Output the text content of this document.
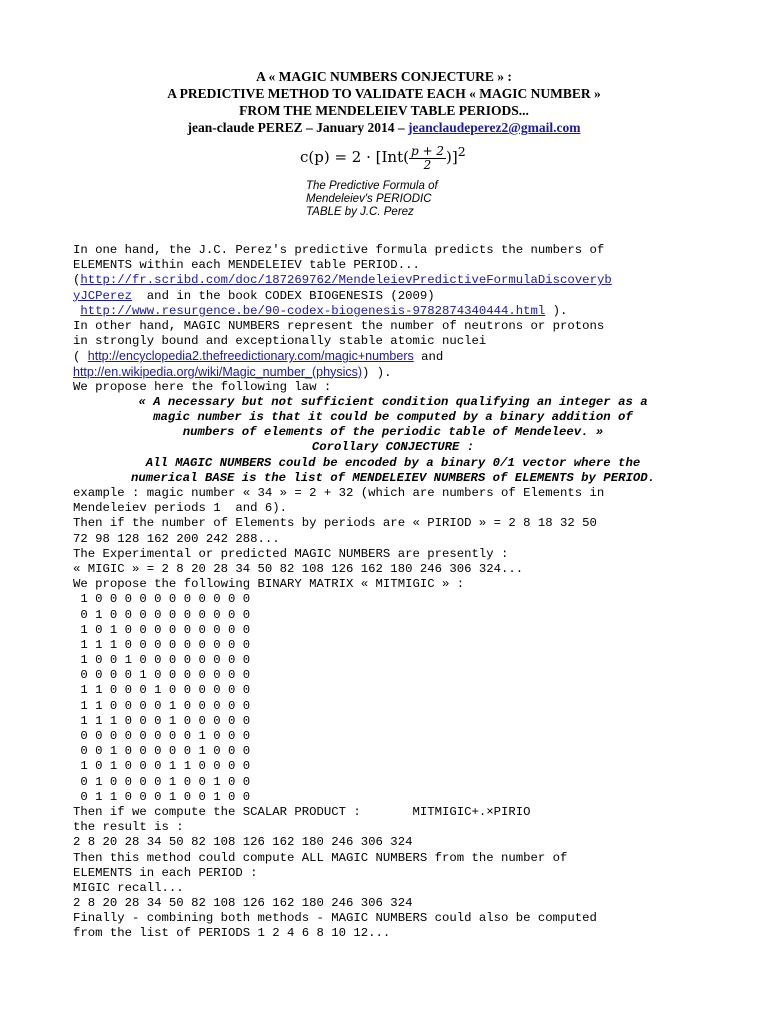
A « MAGIC NUMBERS CONJECTURE » :
A PREDICTIVE METHOD TO VALIDATE EACH « MAGIC NUMBER »
FROM THE MENDELEIEV TABLE PERIODS...
jean-claude PEREZ – January 2014 – jeanclaudeperez2@gmail.com
$c(p) = 2 \cdot [Int( \frac{p + 2}{2} )]^2$
The Predictive Formula of
Mendeleiev's PERIODIC
TABLE by J.C. Perez
In one hand, the J.C. Perez's predictive formula predicts the numbers of
ELEMENTS within each MENDELEIEV table PERIOD...
(http://fr.scribd.com/doc/187269762/MendeleievPredictiveFormulaDiscoveryb
yJCPerez  and in the book CODEX BIOGENESIS (2009)
http://www.resurgence.be/90-codex-biogenesis-9782874340444.html ).
In other hand, MAGIC NUMBERS represent the number of neutrons or protons
in strongly bound and exceptionally stable atomic nuclei
( http://encyclopedia2.thefreedictionary.com/magic+numbers and
http://en.wikipedia.org/wiki/Magic_number_(physics)) ).
We propose here the following law :
« A necessary but not sufficient condition qualifying an integer as a
magic number is that it could be computed by a binary addition of
numbers of elements of the periodic table of Mendeleev. »
Corollary CONJECTURE :
All MAGIC NUMBERS could be encoded by a binary 0/1 vector where the
numerical BASE is the list of MENDELEIEV NUMBERS of ELEMENTS by PERIOD.
example : magic number « 34 » = 2 + 32 (which are numbers of Elements in
Mendeleiev periods 1  and 6).
Then if the number of Elements by periods are « PIRIOD » = 2 8 18 32 50
72 98 128 162 200 242 288...
The Experimental or predicted MAGIC NUMBERS are presently :
« MIGIC » = 2 8 20 28 34 50 82 108 126 162 180 246 306 324...
We propose the following BINARY MATRIX « MITMIGIC » :
1 0 0 0 0 0 0 0 0 0 0 0
0 1 0 0 0 0 0 0 0 0 0 0
1 0 1 0 0 0 0 0 0 0 0 0
1 1 1 0 0 0 0 0 0 0 0 0
1 0 0 1 0 0 0 0 0 0 0 0
0 0 0 0 1 0 0 0 0 0 0 0
1 1 0 0 0 1 0 0 0 0 0 0
1 1 0 0 0 0 1 0 0 0 0 0
1 1 1 0 0 0 1 0 0 0 0 0
0 0 0 0 0 0 0 0 1 0 0 0
0 0 1 0 0 0 0 0 1 0 0 0
1 0 1 0 0 0 1 1 0 0 0 0
0 1 0 0 0 0 1 0 0 1 0 0
0 1 1 0 0 0 1 0 0 1 0 0
Then if we compute the SCALAR PRODUCT :       MITMIGIC+.×PIRIO
the result is :
2 8 20 28 34 50 82 108 126 162 180 246 306 324
Then this method could compute ALL MAGIC NUMBERS from the number of
ELEMENTS in each PERIOD :
MIGIC recall...
2 8 20 28 34 50 82 108 126 162 180 246 306 324
Finally - combining both methods - MAGIC NUMBERS could also be computed
from the list of PERIODS 1 2 4 6 8 10 12...
